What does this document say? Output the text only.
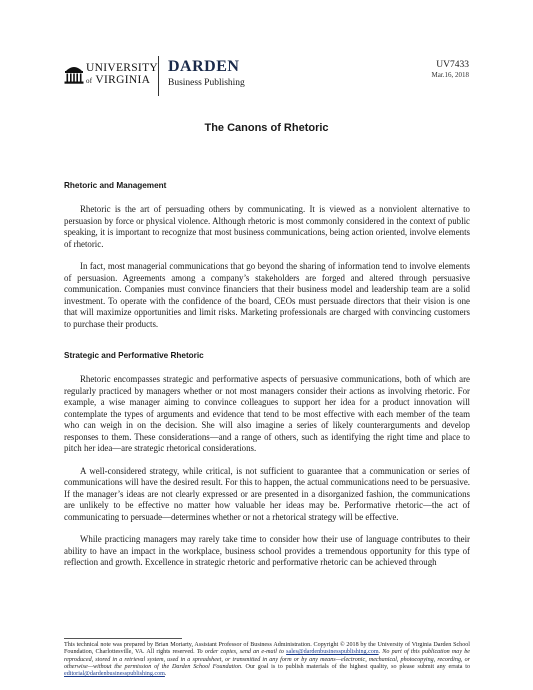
UNIVERSITY
of VIRGINIA
DARDEN
Business Publishing
UV7433
Mar.16, 2018
The Canons of Rhetoric
Rhetoric and Management

Rhetoric is the art of persuading others by communicating. It is viewed as a nonviolent alternative to persuasion by force or physical violence. Although rhetoric is most commonly considered in the context of public speaking, it is important to recognize that most business communications, being action oriented, involve elements of rhetoric.

In fact, most managerial communications that go beyond the sharing of information tend to involve elements of persuasion. Agreements among a company’s stakeholders are forged and altered through persuasive communication. Companies must convince financiers that their business model and leadership team are a solid investment. To operate with the confidence of the board, CEOs must persuade directors that their vision is one that will maximize opportunities and limit risks. Marketing professionals are charged with convincing customers to purchase their products.

Strategic and Performative Rhetoric

Rhetoric encompasses strategic and performative aspects of persuasive communications, both of which are regularly practiced by managers whether or not most managers consider their actions as involving rhetoric. For example, a wise manager aiming to convince colleagues to support her idea for a product innovation will contemplate the types of arguments and evidence that tend to be most effective with each member of the team who can weigh in on the decision. She will also imagine a series of likely counterarguments and develop responses to them. These considerations—and a range of others, such as identifying the right time and place to pitch her idea—are strategic rhetorical considerations.

A well-considered strategy, while critical, is not sufficient to guarantee that a communication or series of communications will have the desired result. For this to happen, the actual communications need to be persuasive. If the manager’s ideas are not clearly expressed or are presented in a disorganized fashion, the communications are unlikely to be effective no matter how valuable her ideas may be. Performative rhetoric—the act of communicating to persuade—determines whether or not a rhetorical strategy will be effective.

While practicing managers may rarely take time to consider how their use of language contributes to their ability to have an impact in the workplace, business school provides a tremendous opportunity for this type of reflection and growth. Excellence in strategic rhetoric and performative rhetoric can be achieved through

This technical note was prepared by Brian Moriarty, Assistant Professor of Business Administration. Copyright © 2018 by the University of Virginia Darden School Foundation, Charlottesville, VA. All rights reserved. To order copies, send an e-mail to sales@dardenbusinesspublishing.com. No part of this publication may be reproduced, stored in a retrieval system, used in a spreadsheet, or transmitted in any form or by any means—electronic, mechanical, photocopying, recording, or otherwise—without the permission of the Darden School Foundation. Our goal is to publish materials of the highest quality, so please submit any errata to editorial@dardenbusinesspublishing.com.
